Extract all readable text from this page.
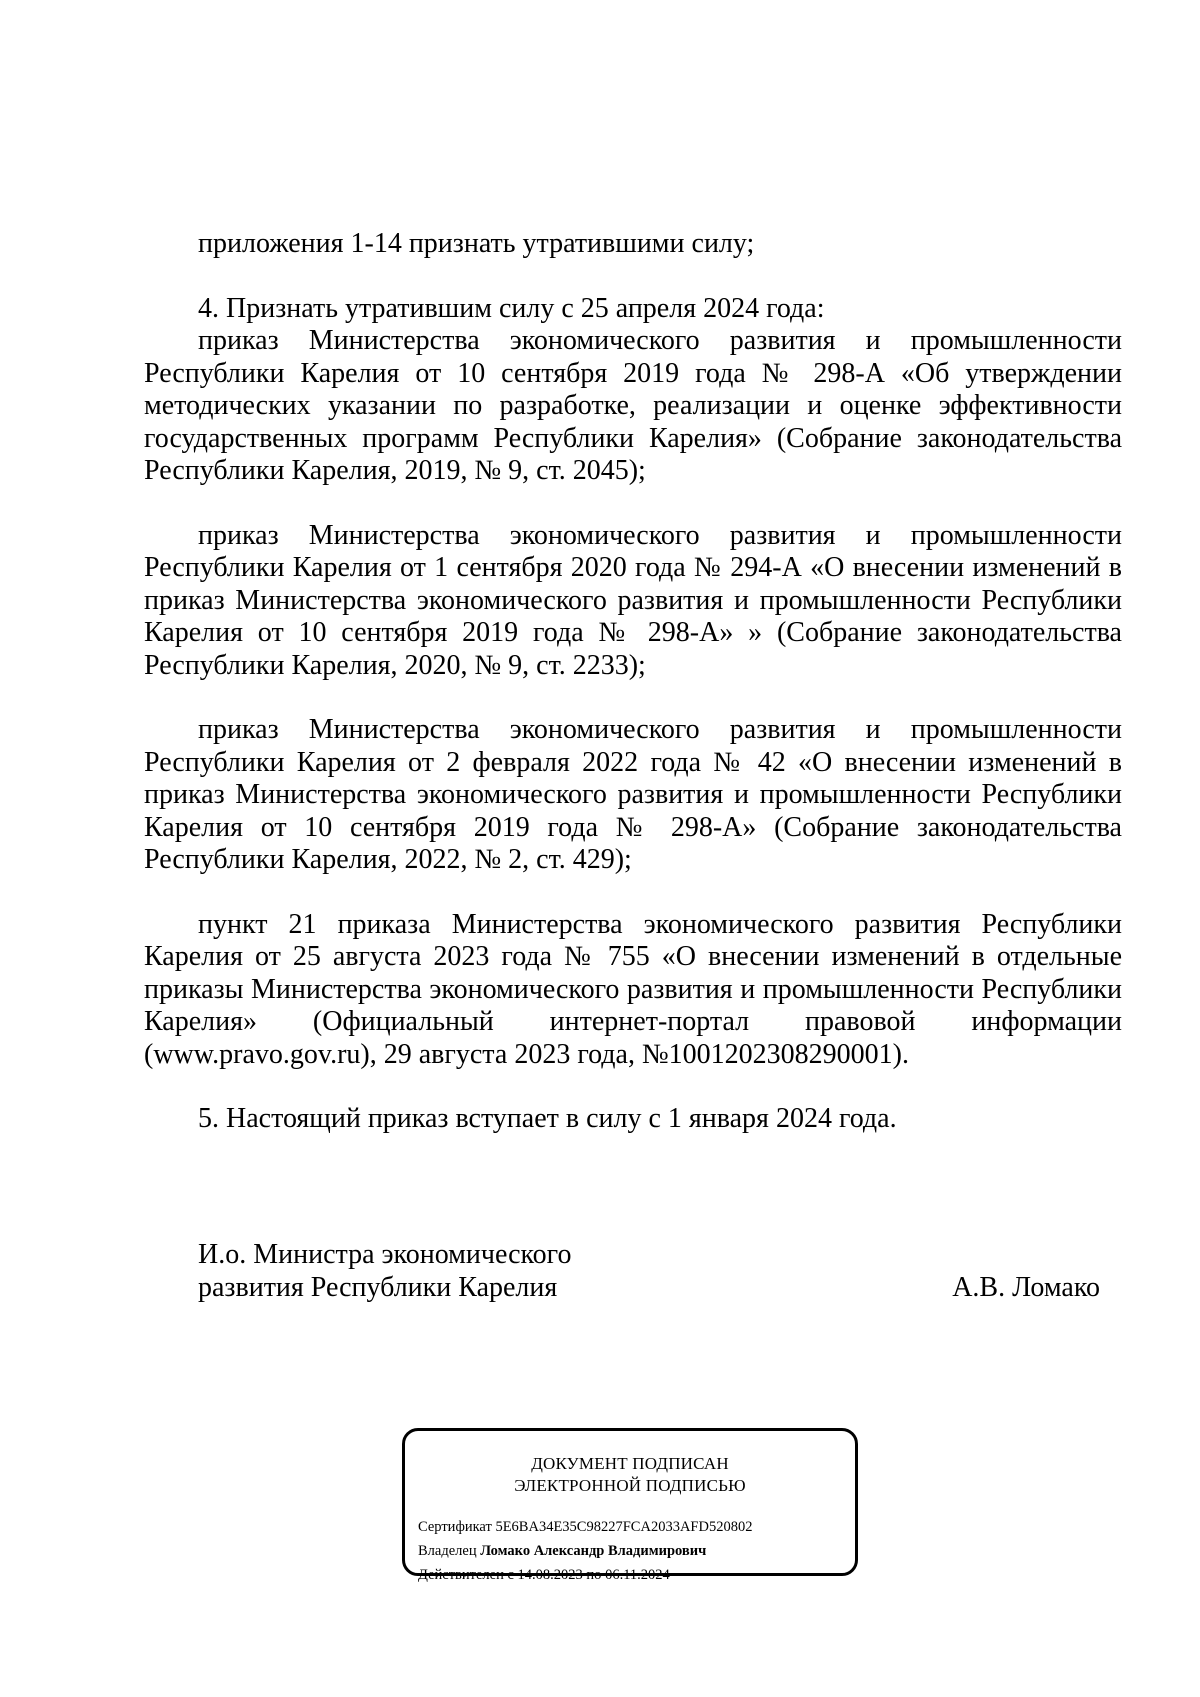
приложения 1-14 признать утратившими силу;

4. Признать утратившим силу с 25 апреля 2024 года:

приказ Министерства экономического развития и промышленности Республики Карелия от 10 сентября 2019 года № 298-А «Об утверждении методических указании по разработке, реализации и оценке эффективности государственных программ Республики Карелия» (Собрание законодательства Республики Карелия, 2019, № 9, ст. 2045);

приказ Министерства экономического развития и промышленности Республики Карелия от 1 сентября 2020 года № 294-А «О внесении изменений в приказ Министерства экономического развития и промышленности Республики Карелия от 10 сентября 2019 года № 298-А» » (Собрание законодательства Республики Карелия, 2020, № 9, ст. 2233);

приказ Министерства экономического развития и промышленности Республики Карелия от 2 февраля 2022 года № 42 «О внесении изменений в приказ Министерства экономического развития и промышленности Республики Карелия от 10 сентября 2019 года № 298-А» (Собрание законодательства Республики Карелия, 2022, № 2, ст. 429);

пункт 21 приказа Министерства экономического развития Республики Карелия от 25 августа 2023 года № 755 «О внесении изменений в отдельные приказы Министерства экономического развития и промышленности Республики Карелия» (Официальный интернет-портал правовой информации (www.pravo.gov.ru), 29 августа 2023 года, №1001202308290001).

5. Настоящий приказ вступает в силу с 1 января 2024 года.

И.о. Министра экономического
развития Республики Карелия	А.В. Ломако
ДОКУМЕНТ ПОДПИСАН
ЭЛЕКТРОННОЙ ПОДПИСЬЮ
Сертификат 5E6BA34E35C98227FCA2033AFD520802
Владелец Ломако Александр Владимирович
Действителен с 14.08.2023 по 06.11.2024
